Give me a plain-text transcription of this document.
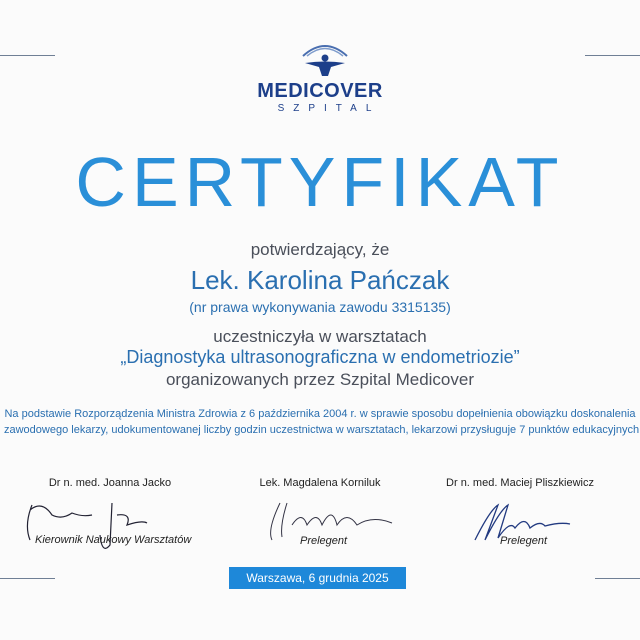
MEDICOVER
SZPITAL
CERTYFIKAT
potwierdzający, że
Lek. Karolina Pańczak
(nr prawa wykonywania zawodu 3315135)
uczestniczyła w warsztatach
„Diagnostyka ultrasonograficzna w endometriozie”
organizowanych przez Szpital Medicover
Na podstawie Rozporządzenia Ministra Zdrowia z 6 października 2004 r. w sprawie sposobu dopełnienia obowiązku doskonalenia
zawodowego lekarzy, udokumentowanej liczby godzin uczestnictwa w warsztatach, lekarzowi przysługuje 7 punktów edukacyjnych
Dr n. med. Joanna Jacko	Lek. Magdalena Korniluk	Dr n. med. Maciej Pliszkiewicz
Kierownik Naukowy Warsztatów	Prelegent	Prelegent
Warszawa, 6 grudnia 2025
